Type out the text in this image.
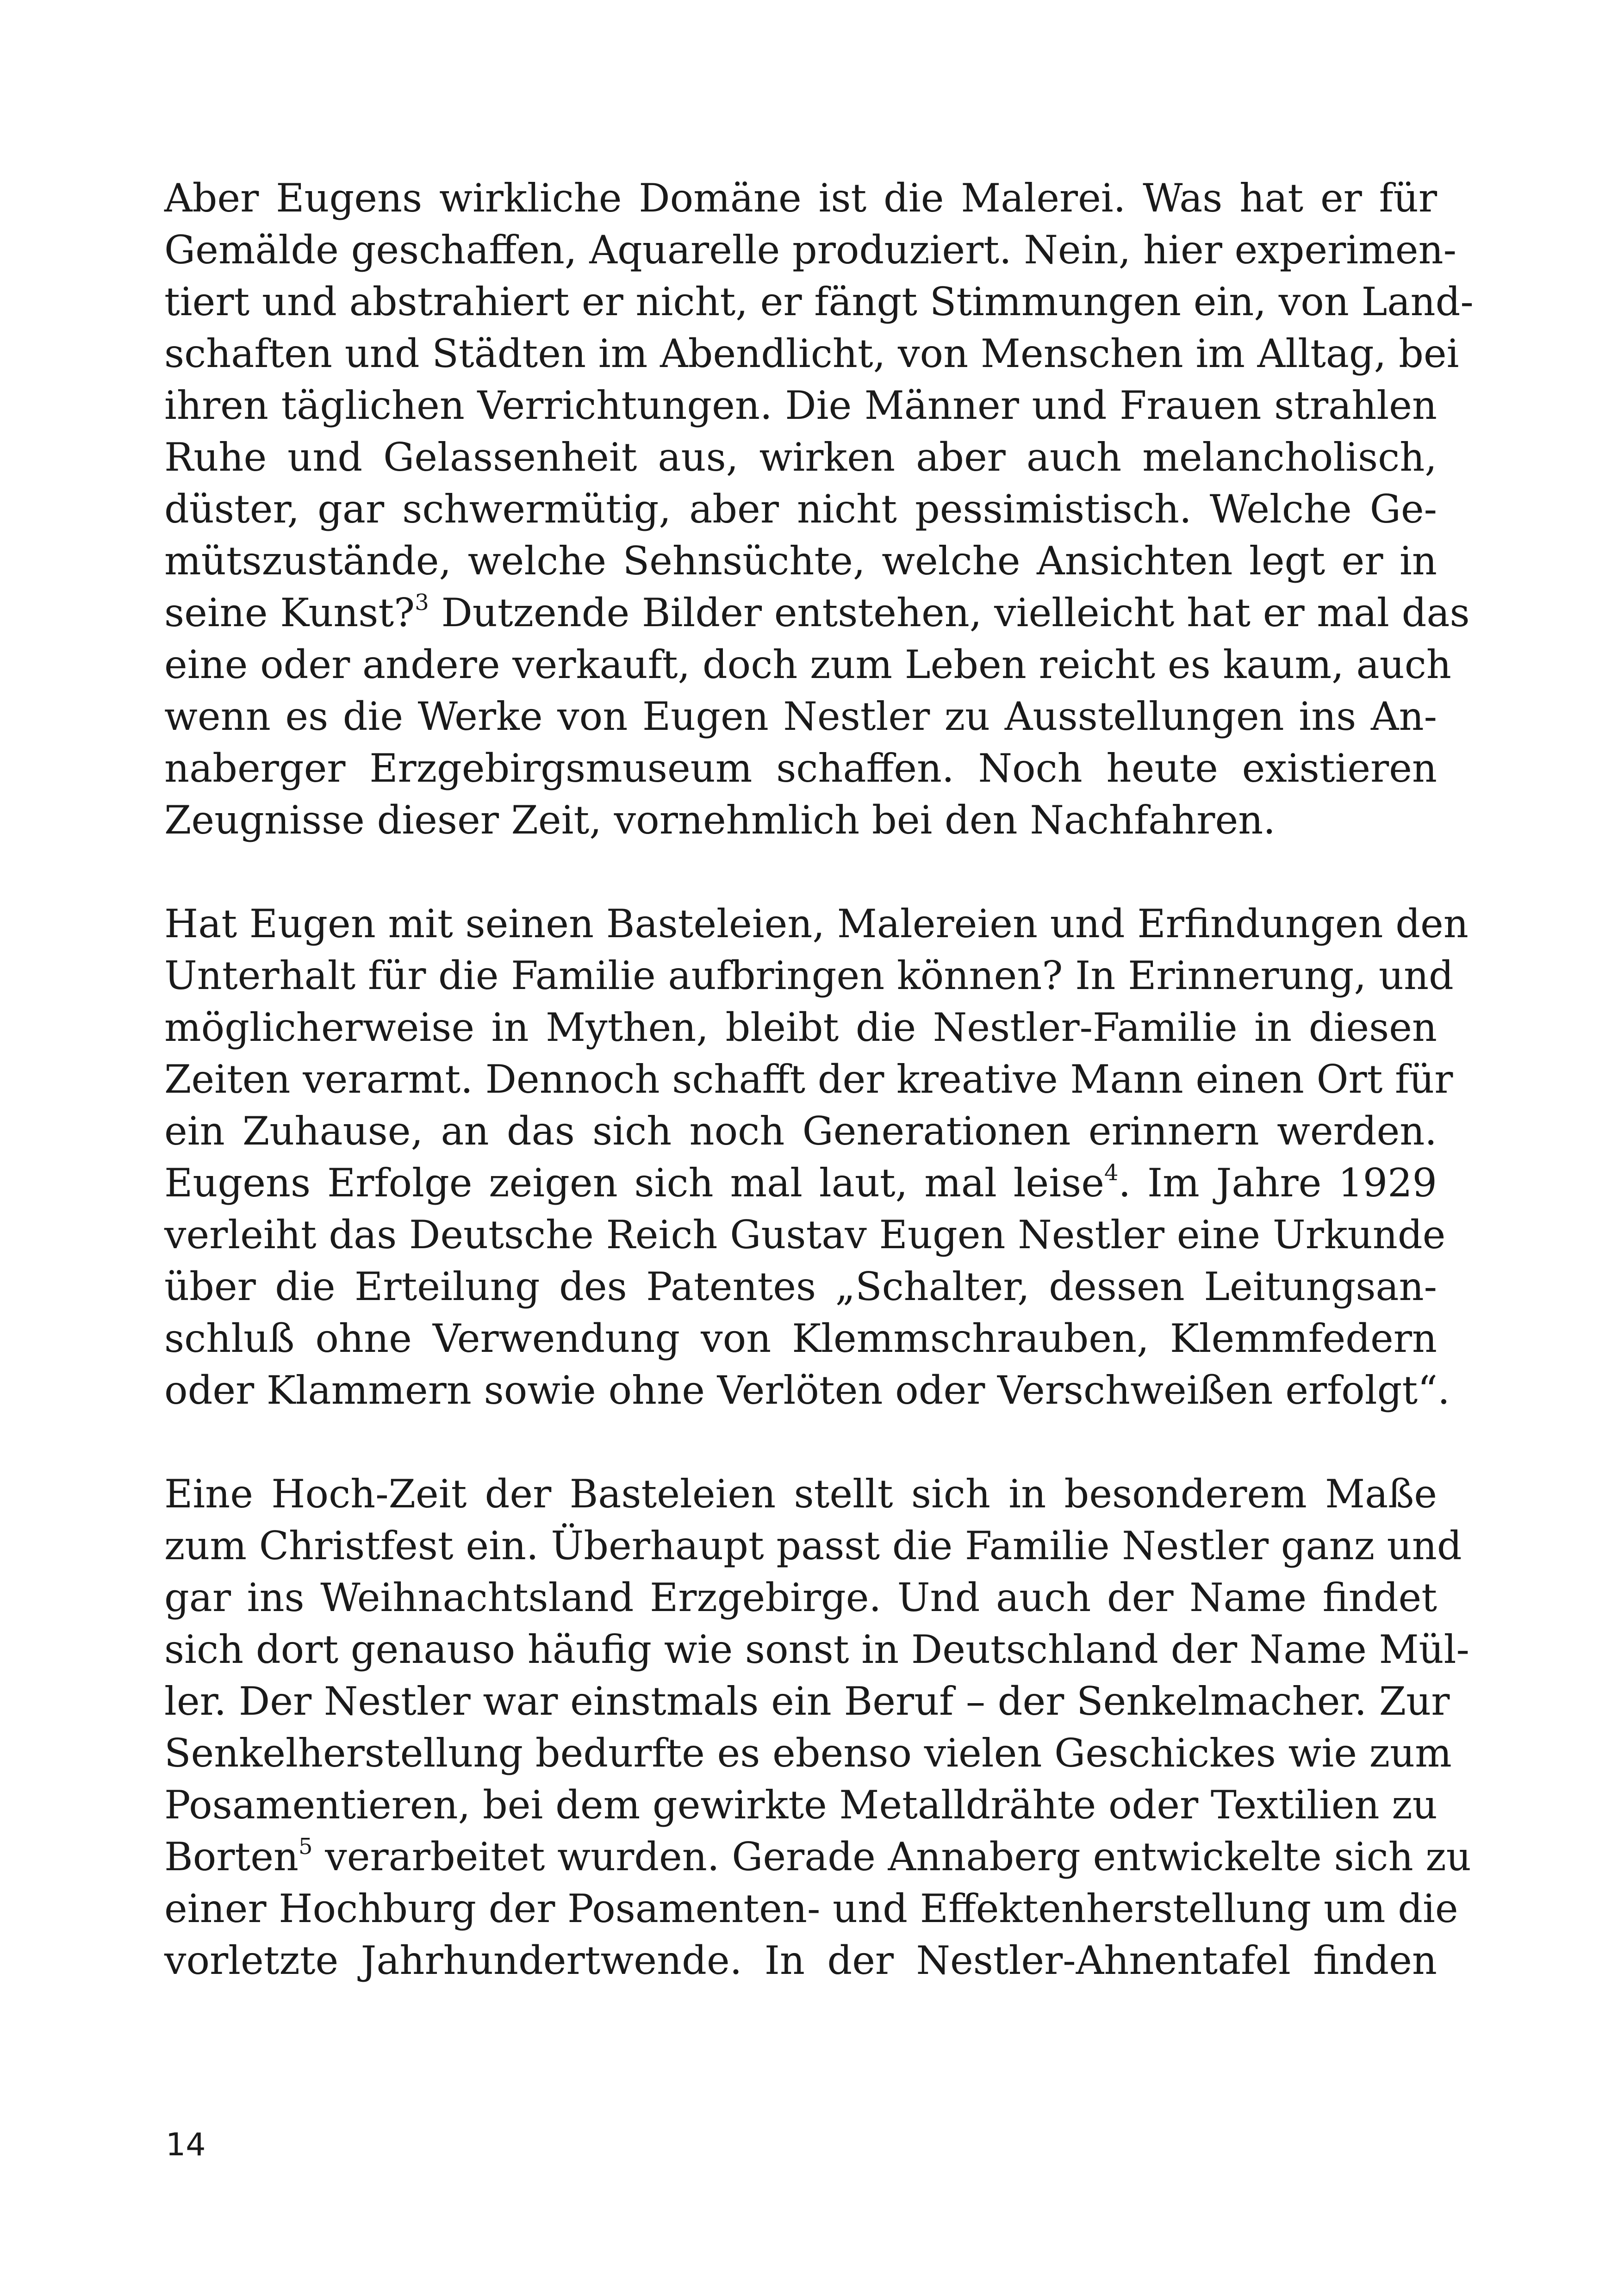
Aber Eugens wirkliche Domäne ist die Malerei. Was hat er für
Gemälde geschaffen, Aquarelle produziert. Nein, hier experimen-
tiert und abstrahiert er nicht, er fängt Stimmungen ein, von Land-
schaften und Städten im Abendlicht, von Menschen im Alltag, bei
ihren täglichen Verrichtungen. Die Männer und Frauen strahlen
Ruhe und Gelassenheit aus, wirken aber auch melancholisch,
düster, gar schwermütig, aber nicht pessimistisch. Welche Ge-
mütszustände, welche Sehnsüchte, welche Ansichten legt er in
seine Kunst?$^3$ Dutzende Bilder entstehen, vielleicht hat er mal das
eine oder andere verkauft, doch zum Leben reicht es kaum, auch
wenn es die Werke von Eugen Nestler zu Ausstellungen ins An-
naberger Erzgebirgsmuseum schaffen. Noch heute existieren
Zeugnisse dieser Zeit, vornehmlich bei den Nachfahren.
Hat Eugen mit seinen Basteleien, Malereien und Erfindungen den
Unterhalt für die Familie aufbringen können? In Erinnerung, und
möglicherweise in Mythen, bleibt die Nestler-Familie in diesen
Zeiten verarmt. Dennoch schafft der kreative Mann einen Ort für
ein Zuhause, an das sich noch Generationen erinnern werden.
Eugens Erfolge zeigen sich mal laut, mal leise$^4$. Im Jahre 1929
verleiht das Deutsche Reich Gustav Eugen Nestler eine Urkunde
über die Erteilung des Patentes „Schalter, dessen Leitungsan-
schluß ohne Verwendung von Klemmschrauben, Klemmfedern
oder Klammern sowie ohne Verlöten oder Verschweißen erfolgt“.
Eine Hoch-Zeit der Basteleien stellt sich in besonderem Maße
zum Christfest ein. Überhaupt passt die Familie Nestler ganz und
gar ins Weihnachtsland Erzgebirge. Und auch der Name findet
sich dort genauso häufig wie sonst in Deutschland der Name Mül-
ler. Der Nestler war einstmals ein Beruf – der Senkelmacher. Zur
Senkelherstellung bedurfte es ebenso vielen Geschickes wie zum
Posamentieren, bei dem gewirkte Metalldrähte oder Textilien zu
Borten$^5$ verarbeitet wurden. Gerade Annaberg entwickelte sich zu
einer Hochburg der Posamenten- und Effektenherstellung um die
vorletzte Jahrhundertwende. In der Nestler-Ahnentafel finden
14
